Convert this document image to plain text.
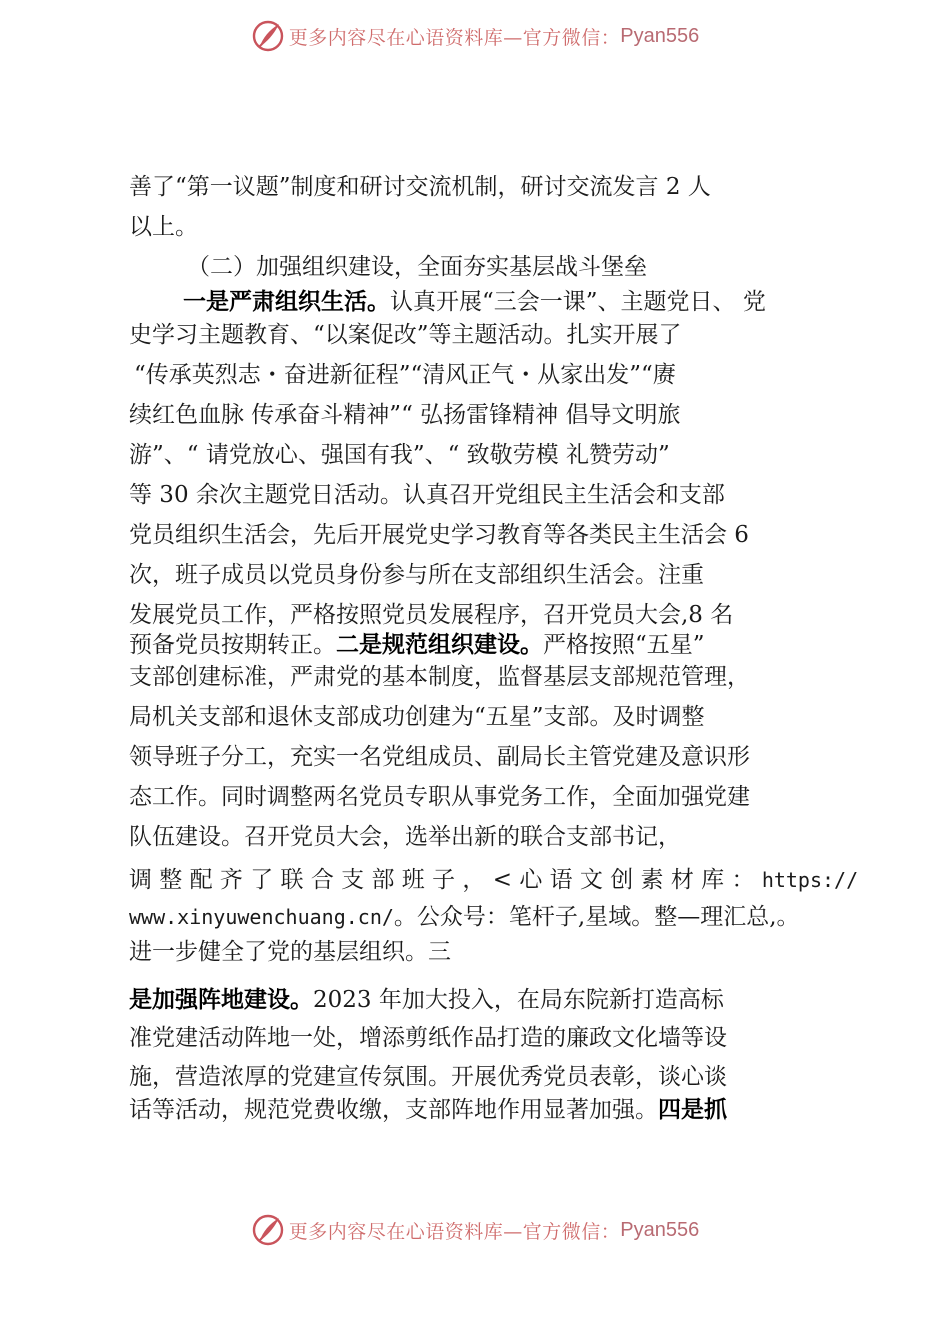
更多内容尽在心语资料库—官方微信： Pyan556
善了“第一议题”制度和研讨交流机制，研讨交流发言 2 人
以上。
（二）加强组织建设，全面夯实基层战斗堡垒
一是严肃组织生活。认真开展“三会一课”、主题党日、 党
史学习主题教育、“以案促改”等主题活动。扎实开展了
“传承英烈志・奋进新征程”“清风正气・从家出发”“赓
续红色血脉 传承奋斗精神”“ 弘扬雷锋精神 倡导文明旅
游”、“ 请党放心、强国有我”、“ 致敬劳模 礼赞劳动”
等 30 余次主题党日活动。认真召开党组民主生活会和支部
党员组织生活会，先后开展党史学习教育等各类民主生活会 6
次，班子成员以党员身份参与所在支部组织生活会。注重
发展党员工作，严格按照党员发展程序，召开党员大会,8 名
预备党员按期转正。二是规范组织建设。严格按照“五星”
支部创建标准，严肃党的基本制度，监督基层支部规范管理，
局机关支部和退休支部成功创建为“五星”支部。及时调整
领导班子分工，充实一名党组成员、副局长主管党建及意识形
态工作。同时调整两名党员专职从事党务工作，全面加强党建
队伍建设。召开党员大会，选举出新的联合支部书记，
调 整 配 齐 了 联 合 支 部 班 子 ， < 心 语 文 创 素 材 库 ： https://
www.xinyuwenchuang.cn/。公众号：笔杆子,星域。整—理汇总,。
进一步健全了党的基层组织。三
是加强阵地建设。2023 年加大投入，在局东院新打造高标
准党建活动阵地一处，增添剪纸作品打造的廉政文化墙等设
施，营造浓厚的党建宣传氛围。开展优秀党员表彰，谈心谈
话等活动，规范党费收缴，支部阵地作用显著加强。四是抓
更多内容尽在心语资料库—官方微信： Pyan556
